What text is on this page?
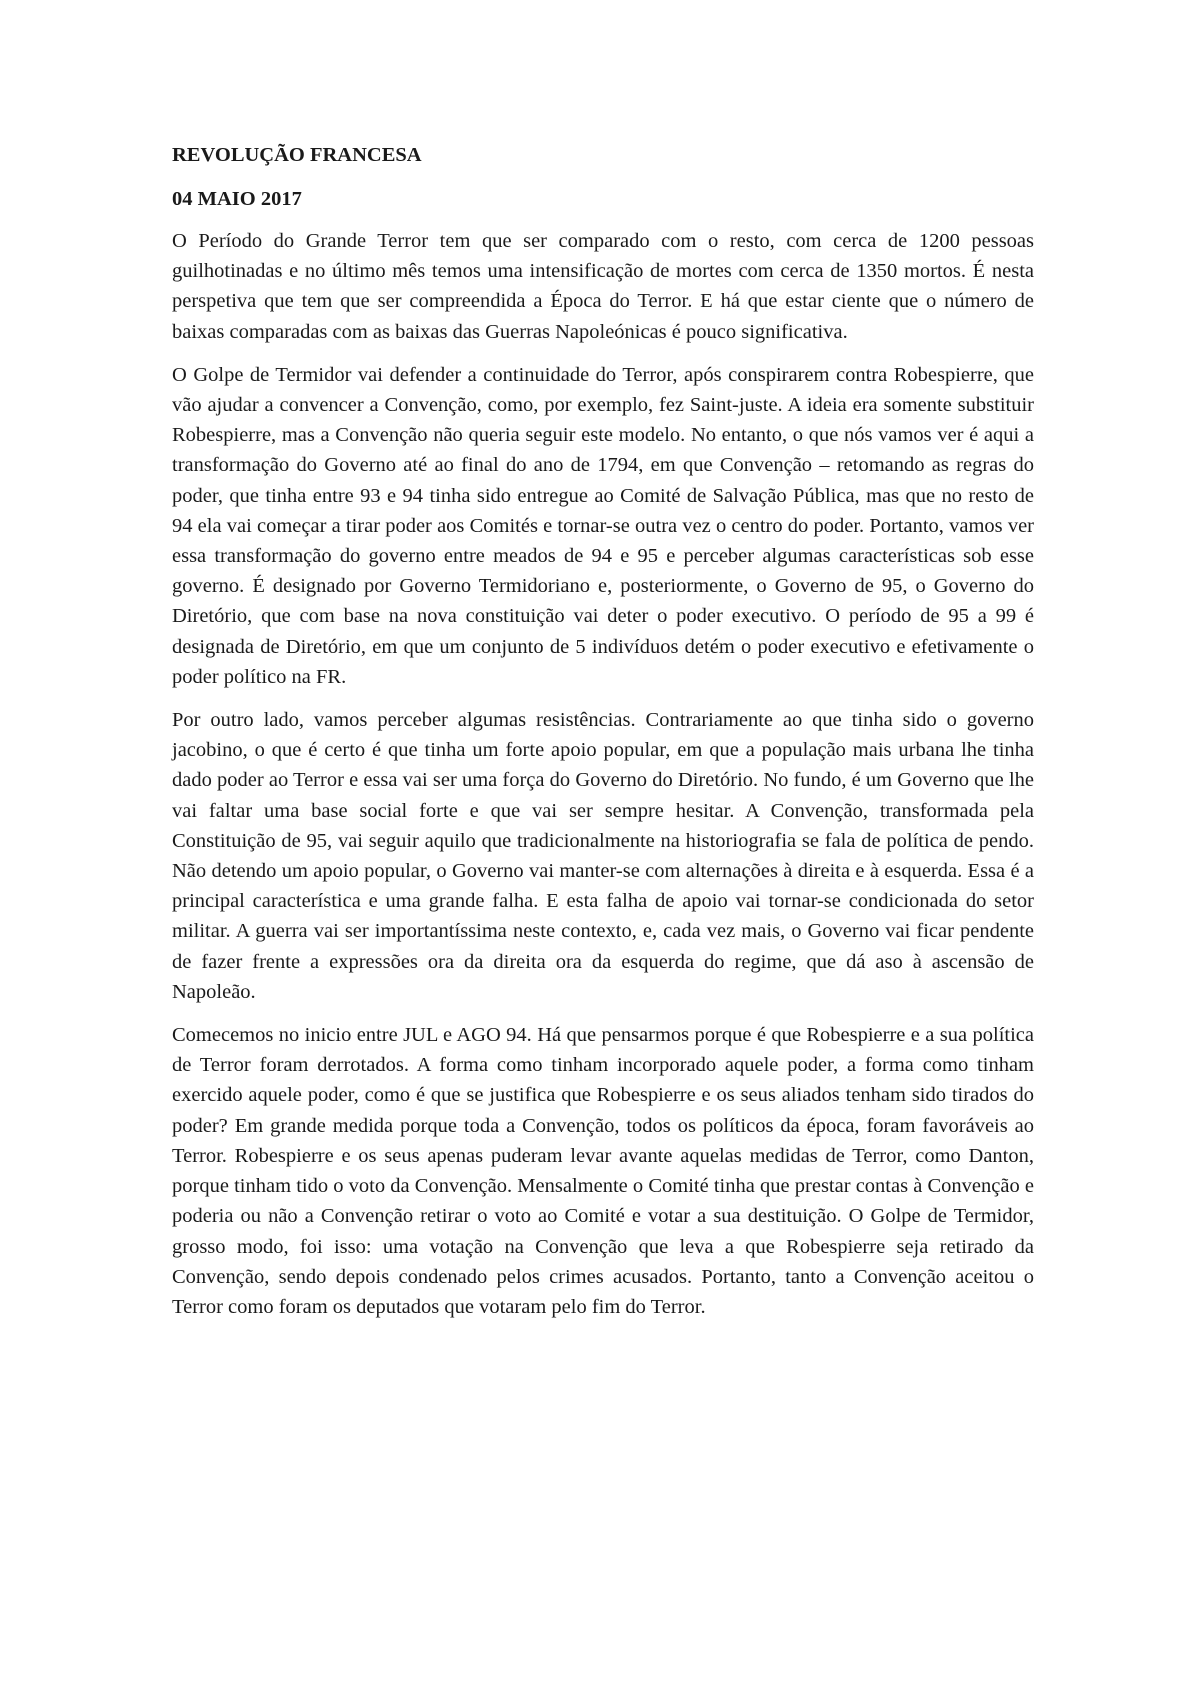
REVOLUÇÃO FRANCESA
04 MAIO 2017

O Período do Grande Terror tem que ser comparado com o resto, com cerca de 1200 pessoas guilhotinadas e no último mês temos uma intensificação de mortes com cerca de 1350 mortos. É nesta perspetiva que tem que ser compreendida a Época do Terror. E há que estar ciente que o número de baixas comparadas com as baixas das Guerras Napoleónicas é pouco significativa.

O Golpe de Termidor vai defender a continuidade do Terror, após conspirarem contra Robespierre, que vão ajudar a convencer a Convenção, como, por exemplo, fez Saint-juste. A ideia era somente substituir Robespierre, mas a Convenção não queria seguir este modelo. No entanto, o que nós vamos ver é aqui a transformação do Governo até ao final do ano de 1794, em que Convenção – retomando as regras do poder, que tinha entre 93 e 94 tinha sido entregue ao Comité de Salvação Pública, mas que no resto de 94 ela vai começar a tirar poder aos Comités e tornar-se outra vez o centro do poder. Portanto, vamos ver essa transformação do governo entre meados de 94 e 95 e perceber algumas características sob esse governo. É designado por Governo Termidoriano e, posteriormente, o Governo de 95, o Governo do Diretório, que com base na nova constituição vai deter o poder executivo. O período de 95 a 99 é designada de Diretório, em que um conjunto de 5 indivíduos detém o poder executivo e efetivamente o poder político na FR.

Por outro lado, vamos perceber algumas resistências. Contrariamente ao que tinha sido o governo jacobino, o que é certo é que tinha um forte apoio popular, em que a população mais urbana lhe tinha dado poder ao Terror e essa vai ser uma força do Governo do Diretório. No fundo, é um Governo que lhe vai faltar uma base social forte e que vai ser sempre hesitar. A Convenção, transformada pela Constituição de 95, vai seguir aquilo que tradicionalmente na historiografia se fala de política de pendo. Não detendo um apoio popular, o Governo vai manter-se com alternações à direita e à esquerda. Essa é a principal característica e uma grande falha. E esta falha de apoio vai tornar-se condicionada do setor militar. A guerra vai ser importantíssima neste contexto, e, cada vez mais, o Governo vai ficar pendente de fazer frente a expressões ora da direita ora da esquerda do regime, que dá aso à ascensão de Napoleão.

Comecemos no inicio entre JUL e AGO 94. Há que pensarmos porque é que Robespierre e a sua política de Terror foram derrotados. A forma como tinham incorporado aquele poder, a forma como tinham exercido aquele poder, como é que se justifica que Robespierre e os seus aliados tenham sido tirados do poder? Em grande medida porque toda a Convenção, todos os políticos da época, foram favoráveis ao Terror. Robespierre e os seus apenas puderam levar avante aquelas medidas de Terror, como Danton, porque tinham tido o voto da Convenção. Mensalmente o Comité tinha que prestar contas à Convenção e poderia ou não a Convenção retirar o voto ao Comité e votar a sua destituição. O Golpe de Termidor, grosso modo, foi isso: uma votação na Convenção que leva a que Robespierre seja retirado da Convenção, sendo depois condenado pelos crimes acusados. Portanto, tanto a Convenção aceitou o Terror como foram os deputados que votaram pelo fim do Terror.
